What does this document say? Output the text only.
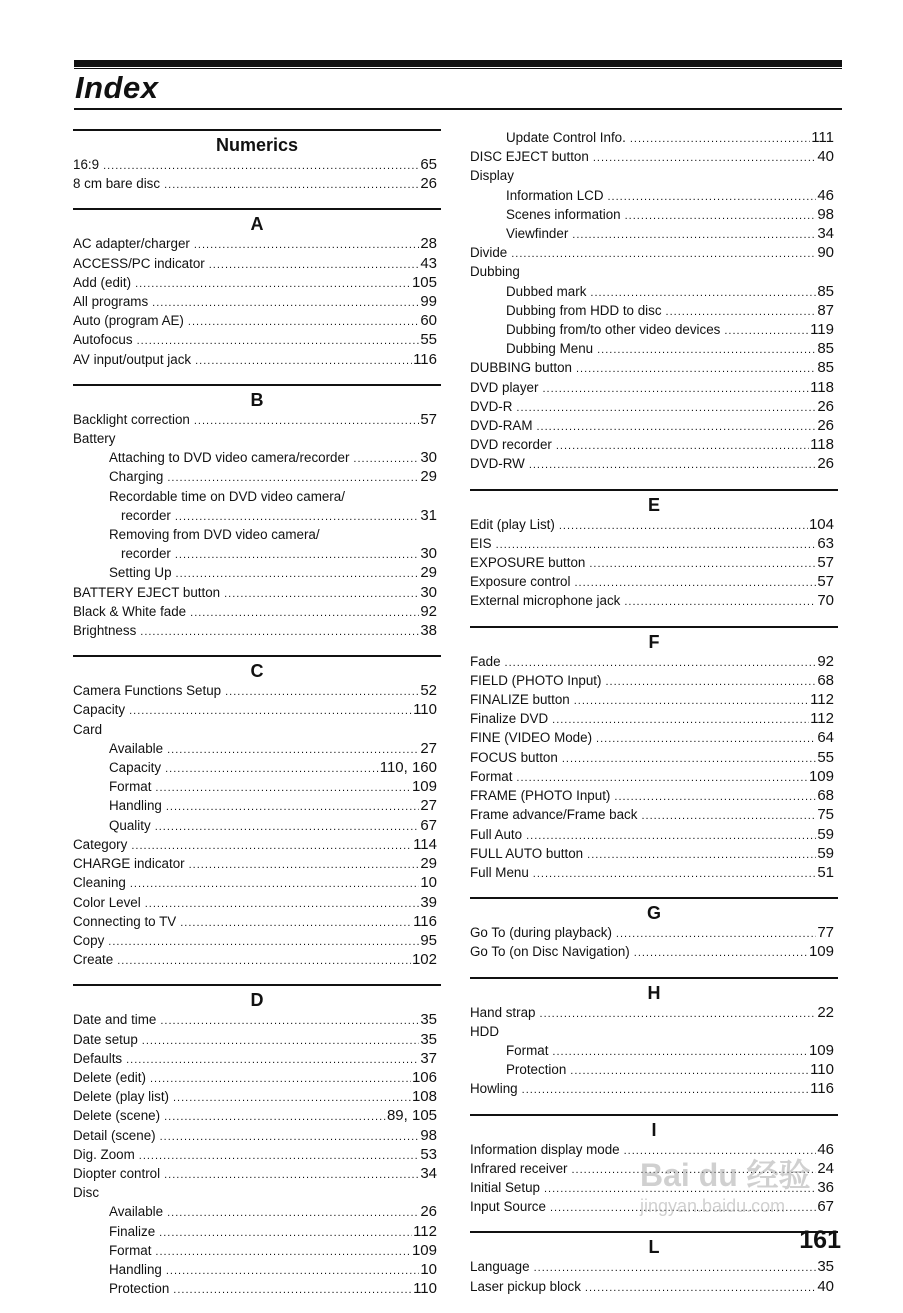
Index
Numerics
16:9 .....	65
8 cm bare disc .....	26
A
AC adapter/charger .....	28
ACCESS/PC indicator .....	43
Add (edit) .....	105
All programs .....	99
Auto (program AE) .....	60
Autofocus .....	55
AV input/output jack .....	116
B
Backlight correction .....	57
Battery
Attaching to DVD video camera/recorder .....	30
Charging .....	29
Recordable time on DVD video camera/
recorder .....	31
Removing from DVD video camera/
recorder .....	30
Setting Up .....	29
BATTERY EJECT button .....	30
Black & White fade .....	92
Brightness .....	38
C
Camera Functions Setup .....	52
Capacity .....	110
Card
Available .....	27
Capacity .....	110, 160
Format .....	109
Handling .....	27
Quality .....	67
Category .....	114
CHARGE indicator .....	29
Cleaning .....	10
Color Level .....	39
Connecting to TV .....	116
Copy .....	95
Create .....	102
D
Date and time .....	35
Date setup .....	35
Defaults .....	37
Delete (edit) .....	106
Delete (play list) .....	108
Delete (scene) .....	89, 105
Detail (scene) .....	98
Dig. Zoom .....	53
Diopter control .....	34
Disc
Available .....	26
Finalize .....	112
Format .....	109
Handling .....	10
Protection .....	110
Update Control Info. .....	111
DISC EJECT button .....	40
Display
Information LCD .....	46
Scenes information .....	98
Viewfinder .....	34
Divide .....	90
Dubbing
Dubbed mark .....	85
Dubbing from HDD to disc .....	87
Dubbing from/to other video devices .....	119
Dubbing Menu .....	85
DUBBING button .....	85
DVD player .....	118
DVD-R .....	26
DVD-RAM .....	26
DVD recorder .....	118
DVD-RW .....	26
E
Edit (play List) .....	104
EIS .....	63
EXPOSURE button .....	57
Exposure control .....	57
External microphone jack .....	70
F
Fade .....	92
FIELD (PHOTO Input) .....	68
FINALIZE button .....	112
Finalize DVD .....	112
FINE (VIDEO Mode) .....	64
FOCUS button .....	55
Format .....	109
FRAME (PHOTO Input) .....	68
Frame advance/Frame back .....	75
Full Auto .....	59
FULL AUTO button .....	59
Full Menu .....	51
G
Go To (during playback) .....	77
Go To (on Disc Navigation) .....	109
H
Hand strap .....	22
HDD
Format .....	109
Protection .....	110
Howling .....	116
I
Information display mode .....	46
Infrared receiver .....	24
Initial Setup .....	36
Input Source .....	67
L
Language .....	35
Laser pickup block .....	40
Bai du 经验
jingyan.baidu.com
161
